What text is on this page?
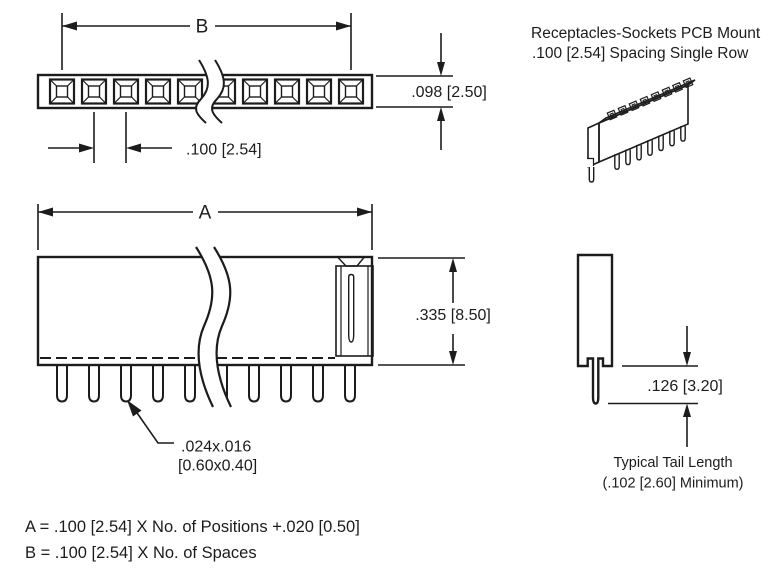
B
.100 [2.54]
.098 [2.50]
Receptacles-Sockets PCB Mount
.100 [2.54] Spacing Single Row
A
.335 [8.50]
.024x.016
[0.60x0.40]
.126 [3.20]
Typical Tail Length
(.102 [2.60] Minimum)
A = .100 [2.54] X No. of Positions +.020 [0.50]
B = .100 [2.54] X No. of Spaces
